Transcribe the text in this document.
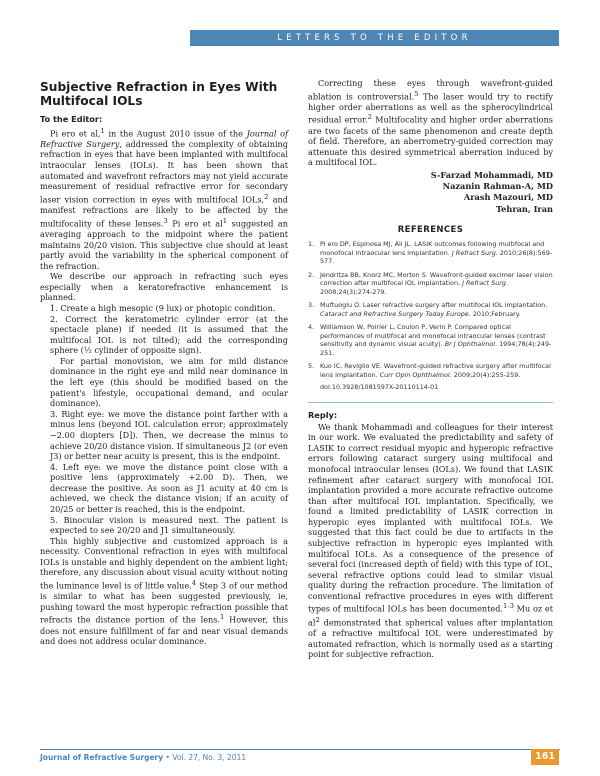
LETTERS TO THE EDITOR
Subjective Refraction in Eyes With Multifocal IOLs
To the Editor:

Pi ero et al,$^1$ in the August 2010 issue of the Journal of Refractive Surgery, addressed the complexity of obtaining refraction in eyes that have been implanted with multifocal intraocular lenses (IOLs). It has been shown that automated and wavefront refractors may not yield accurate measurement of residual refractive error for secondary laser vision correction in eyes with multifocal IOLs,$^2$ and manifest refractions are likely to be affected by the multifocality of these lenses.$^3$ Pi ero et $al^1$ suggested an averaging approach to the midpoint where the patient maintains 20/20 vision. This subjective clue should at least partly avoid the variability in the spherical component of the refraction.

We describe our approach in refracting such eyes especially when a keratorefractive enhancement is planned.

1. Create a high mesopic (9 lux) or photopic condition.
2. Correct the keratometric cylinder error (at the spectacle plane) if needed (it is assumed that the multifocal IOL is not tilted); add the corresponding sphere (½ cylinder of opposite sign).
For partial monovision, we aim for mild distance dominance in the right eye and mild near dominance in the left eye (this should be modified based on the patient's lifestyle, occupational demand, and ocular dominance).
3. Right eye: we move the distance point farther with a minus lens (beyond IOL calculation error; approximately −2.00 diopters [D]). Then, we decrease the minus to achieve 20/20 distance vision. If simultaneous J2 (or even J3) or better near acuity is present, this is the endpoint.
4. Left eye: we move the distance point close with a positive lens (approximately +2.00 D). Then, we decrease the positive. As soon as J1 acuity at 40 cm is achieved, we check the distance vision; if an acuity of 20/25 or better is reached, this is the endpoint.
5. Binocular vision is measured next. The patient is expected to see 20/20 and J1 simultaneously.

This highly subjective and customized approach is a necessity. Conventional refraction in eyes with multifocal IOLs is unstable and highly dependent on the ambient light; therefore, any discussion about visual acuity without noting the luminance level is of little value.$^4$ Step 3 of our method is similar to what has been suggested previously, ie, pushing toward the most hyperopic refraction possible that refracts the distance portion of the lens.$^1$ However, this does not ensure fulfillment of far and near visual demands and does not address ocular dominance.

Correcting these eyes through wavefront-guided ablation is controversial.$^5$ The laser would try to rectify higher order aberrations as well as the spherocylindrical residual error.$^2$ Multifocality and higher order aberrations are two facets of the same phenomenon and create depth of field. Therefore, an aberrometry-guided correction may attenuate this desired symmetrical aberration induced by a multifocal IOL.

S-Farzad Mohammadi, MD
Nazanin Rahman-A, MD
Arash Mazouri, MD
Tehran, Iran
REFERENCES
1. Pi ero DP, Espinosa MJ, Ali JL. LASIK outcomes following multifocal and monofocal intraocular lens implantation. J Refract Surg. 2010;26(8):569-577.
2. Jendritza BB, Knorz MC, Morton S. Wavefront-guided excimer laser vision correction after multifocal IOL implantation. J Refract Surg. 2008;24(3):274-279.
3. Muftuoglu O. Laser refractive surgery after multifocal IOL implantation. Cataract and Refractive Surgery Today Europe. 2010;February.
4. Williamson W, Poirier L, Coulon P, Verin P. Compared optical performances of multifocal and monofocal intraocular lenses (contrast sensitivity and dynamic visual acuity). Br J Ophthalmol. 1994;78(4):249-251.
5. Kuo IC, Reviglio VE. Wavefront-guided refractive surgery after multifocal lens implantation. Curr Opin Ophthalmol. 2009;20(4):255-259.
doi:10.3928/1081597X-20110114-01
Reply:

We thank Mohammadi and colleagues for their interest in our work. We evaluated the predictability and safety of LASIK to correct residual myopic and hyperopic refractive errors following cataract surgery using multifocal and monofocal intraocular lenses (IOLs). We found that LASIK refinement after cataract surgery with monofocal IOL implantation provided a more accurate refractive outcome than after multifocal IOL implantation. Specifically, we found a limited predictability of LASIK correction in hyperopic eyes implanted with multifocal IOLs. We suggested that this fact could be due to artifacts in the subjective refraction in hyperopic eyes implanted with multifocal IOLs. As a consequence of the presence of several foci (increased depth of field) with this type of IOL, several refractive options could lead to similar visual quality during the refraction procedure. The limitation of conventional refractive procedures in eyes with different types of multifocal IOLs has been documented.$^{1-3}$ Mu oz et $al^2$ demonstrated that spherical values after implantation of a refractive multifocal IOL were underestimated by automated refraction, which is normally used as a starting point for subjective refraction.

Journal of Refractive Surgery • Vol. 27, No. 3, 2011	161
